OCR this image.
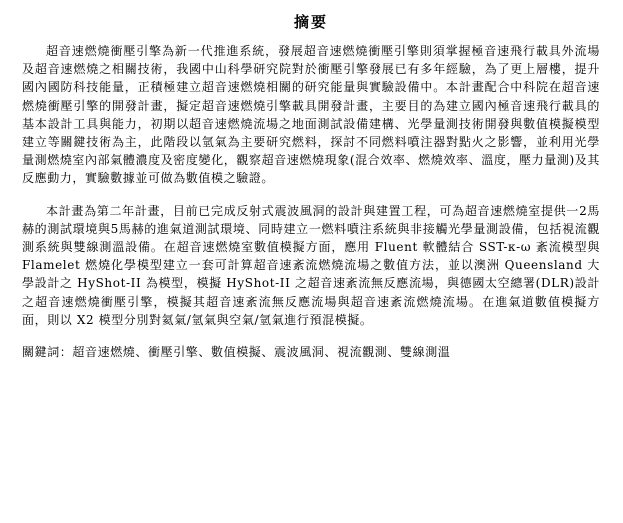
摘要

超音速燃燒衝壓引擎為新一代推進系統，發展超音速燃燒衝壓引擎則須掌握極音速飛行載具外流場及超音速燃燒之相關技術，我國中山科學研究院對於衝壓引擎發展已有多年經驗，為了更上層樓，提升國內國防科技能量，正積極建立超音速燃燒相關的研究能量與實驗設備中。本計畫配合中科院在超音速燃燒衝壓引擎的開發計畫，擬定超音速燃燒引擎載具開發計畫，主要目的為建立國內極音速飛行載具的基本設計工具與能力，初期以超音速燃燒流場之地面測試設備建構、光學量測技術開發與數值模擬模型建立等關鍵技術為主，此階段以氫氣為主要研究燃料，探討不同燃料噴注器對點火之影響，並利用光學量測燃燒室內部氣體濃度及密度變化，觀察超音速燃燒現象(混合效率、燃燒效率、溫度，壓力量測)及其反應動力，實驗數據並可做為數值模之驗證。

本計畫為第二年計畫，目前已完成反射式震波風洞的設計與建置工程，可為超音速燃燒室提供一2馬赫的測試環境與5馬赫的進氣道測試環境、同時建立一燃料噴注系統與非接觸光學量測設備，包括視流觀測系統與雙線測溫設備。在超音速燃燒室數值模擬方面，應用 Fluent 軟體結合 SST-κ-ω 紊流模型與 Flamelet 燃燒化學模型建立一套可計算超音速紊流燃燒流場之數值方法，並以澳洲 Queensland 大學設計之 HyShot-II 為模型，模擬 HyShot-II 之超音速紊流無反應流場，與德國太空總署(DLR)設計之超音速燃燒衝壓引擎，模擬其超音速紊流無反應流場與超音速紊流燃燒流場。在進氣道數值模擬方面，則以 X2 模型分別對氦氣/氫氣與空氣/氫氣進行預混模擬。

關鍵詞：超音速燃燒、衝壓引擎、數值模擬、震波風洞、視流觀測、雙線測溫
